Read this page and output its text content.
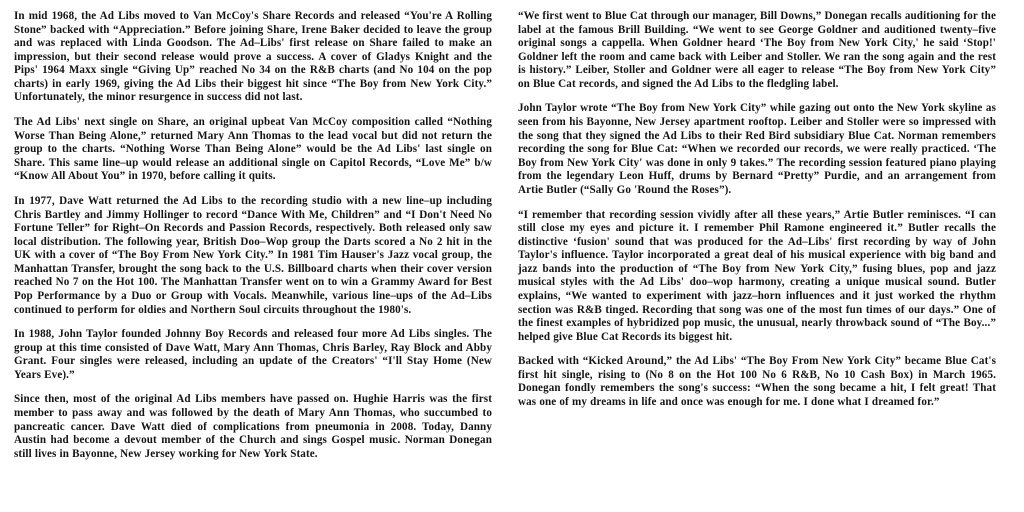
In mid 1968, the Ad Libs moved to Van McCoy's Share Records and released “You're A Rolling Stone” backed with “Appreciation.” Before joining Share, Irene Baker decided to leave the group and was replaced with Linda Goodson. The Ad–Libs' first release on Share failed to make an impression, but their second release would prove a success. A cover of Gladys Knight and the Pips' 1964 Maxx single “Giving Up” reached No 34 on the R&B charts (and No 104 on the pop charts) in early 1969, giving the Ad Libs their biggest hit since “The Boy from New York City.” Unfortunately, the minor resurgence in success did not last.

The Ad Libs' next single on Share, an original upbeat Van McCoy composition called “Nothing Worse Than Being Alone,” returned Mary Ann Thomas to the lead vocal but did not return the group to the charts. “Nothing Worse Than Being Alone” would be the Ad Libs' last single on Share. This same line–up would release an additional single on Capitol Records, “Love Me” b/w “Know All About You” in 1970, before calling it quits.

In 1977, Dave Watt returned the Ad Libs to the recording studio with a new line–up including Chris Bartley and Jimmy Hollinger to record “Dance With Me, Children” and “I Don't Need No Fortune Teller” for Right–On Records and Passion Records, respectively. Both released only saw local distribution. The following year, British Doo–Wop group the Darts scored a No 2 hit in the UK with a cover of “The Boy From New York City.” In 1981 Tim Hauser's Jazz vocal group, the Manhattan Transfer, brought the song back to the U.S. Billboard charts when their cover version reached No 7 on the Hot 100. The Manhattan Transfer went on to win a Grammy Award for Best Pop Performance by a Duo or Group with Vocals. Meanwhile, various line–ups of the Ad–Libs continued to perform for oldies and Northern Soul circuits throughout the 1980's.

In 1988, John Taylor founded Johnny Boy Records and released four more Ad Libs singles. The group at this time consisted of Dave Watt, Mary Ann Thomas, Chris Barley, Ray Block and Abby Grant. Four singles were released, including an update of the Creators' “I'll Stay Home (New Years Eve).”

Since then, most of the original Ad Libs members have passed on. Hughie Harris was the first member to pass away and was followed by the death of Mary Ann Thomas, who succumbed to pancreatic cancer. Dave Watt died of complications from pneumonia in 2008. Today, Danny Austin had become a devout member of the Church and sings Gospel music. Norman Donegan still lives in Bayonne, New Jersey working for New York State.

“We first went to Blue Cat through our manager, Bill Downs,” Donegan recalls auditioning for the label at the famous Brill Building. “We went to see George Goldner and auditioned twenty–five original songs a cappella. When Goldner heard ‘The Boy from New York City,' he said ‘Stop!' Goldner left the room and came back with Leiber and Stoller. We ran the song again and the rest is history.” Leiber, Stoller and Goldner were all eager to release “The Boy from New York City” on Blue Cat records, and signed the Ad Libs to the fledgling label.

John Taylor wrote “The Boy from New York City” while gazing out onto the New York skyline as seen from his Bayonne, New Jersey apartment rooftop. Leiber and Stoller were so impressed with the song that they signed the Ad Libs to their Red Bird subsidiary Blue Cat. Norman remembers recording the song for Blue Cat: “When we recorded our records, we were really practiced. ‘The Boy from New York City' was done in only 9 takes.” The recording session featured piano playing from the legendary Leon Huff, drums by Bernard “Pretty” Purdie, and an arrangement from Artie Butler (“Sally Go 'Round the Roses”).

“I remember that recording session vividly after all these years,” Artie Butler reminisces. “I can still close my eyes and picture it. I remember Phil Ramone engineered it.” Butler recalls the distinctive ‘fusion' sound that was produced for the Ad–Libs' first recording by way of John Taylor's influence. Taylor incorporated a great deal of his musical experience with big band and jazz bands into the production of “The Boy from New York City,” fusing blues, pop and jazz musical styles with the Ad Libs' doo–wop harmony, creating a unique musical sound. Butler explains, “We wanted to experiment with jazz–horn influences and it just worked the rhythm section was R&B tinged. Recording that song was one of the most fun times of our days.” One of the finest examples of hybridized pop music, the unusual, nearly throwback sound of “The Boy...” helped give Blue Cat Records its biggest hit.

Backed with “Kicked Around,” the Ad Libs' “The Boy From New York City” became Blue Cat's first hit single, rising to (No 8 on the Hot 100 No 6 R&B, No 10 Cash Box) in March 1965. Donegan fondly remembers the song's success: “When the song became a hit, I felt great! That was one of my dreams in life and once was enough for me. I done what I dreamed for.”
